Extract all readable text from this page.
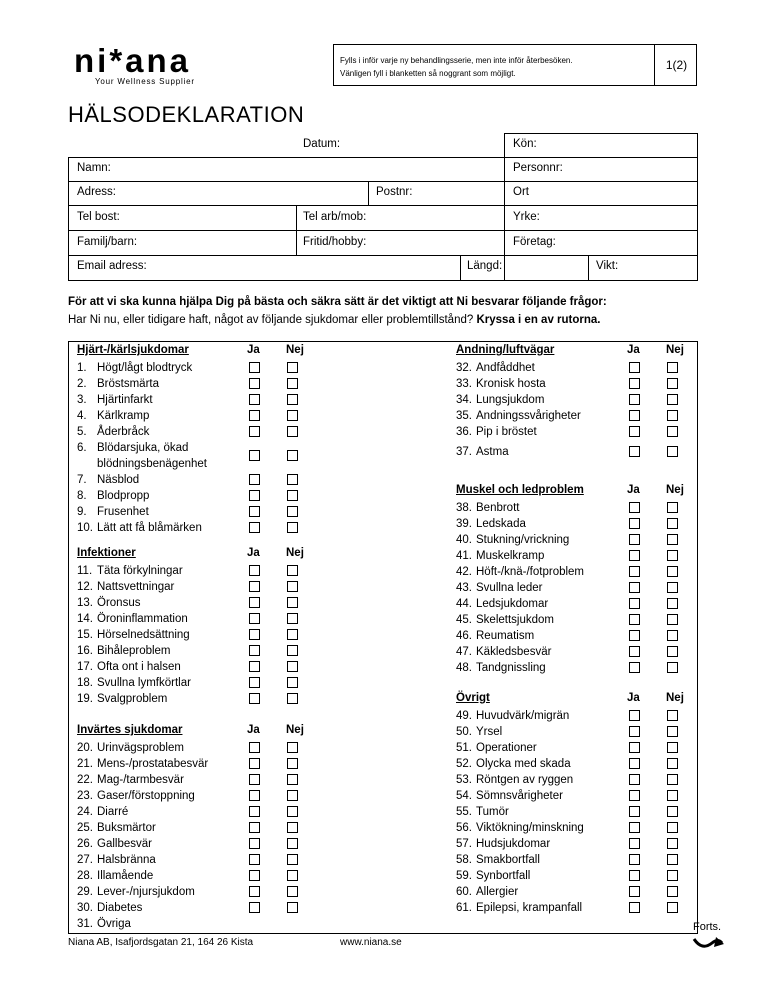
ni*ana
Your Wellness Supplier
Fylls i inför varje ny behandlingsserie, men inte inför återbesöken.
Vänligen fyll i blanketten så noggrant som möjligt.
1(2)
HÄLSODEKLARATION
Datum:	Kön:
Namn:	Personnr:
Adress:	Postnr:	Ort
Tel bost:	Tel arb/mob:	Yrke:
Familj/barn:	Fritid/hobby:	Företag:
Email adress:	Längd:	Vikt:
För att vi ska kunna hjälpa Dig på bästa och säkra sätt är det viktigt att Ni besvarar följande frågor:
Har Ni nu, eller tidigare haft, något av följande sjukdomar eller problemtillstånd? Kryssa i en av rutorna.
Hjärt-/kärlsjukdomar	Ja Nej
1. Högt/lågt blodtryck
2. Bröstsmärta
3. Hjärtinfarkt
4. Kärlkramp
5. Åderbråck
6. Blödarsjuka, ökad
blödningsbenägenhet
7. Näsblod
8. Blodpropp
9. Frusenhet
10. Lätt att få blåmärken
Infektioner	Ja Nej
11. Täta förkylningar
12. Nattsvettningar
13. Öronsus
14. Öroninflammation
15. Hörselnedsättning
16. Bihåleproblem
17. Ofta ont i halsen
18. Svullna lymfkörtlar
19. Svalgproblem
Invärtes sjukdomar	Ja Nej
20. Urinvägsproblem
21. Mens-/prostatabesvär
22. Mag-/tarmbesvär
23. Gaser/förstoppning
24. Diarré
25. Buksmärtor
26. Gallbesvär
27. Halsbränna
28. Illamående
29. Lever-/njursjukdom
30. Diabetes
31. Övriga
Andning/luftvägar	Ja Nej
32. Andfåddhet
33. Kronisk hosta
34. Lungsjukdom
35. Andningssvårigheter
36. Pip i bröstet
37. Astma
Muskel och ledproblem	Ja Nej
38. Benbrott
39. Ledskada
40. Stukning/vrickning
41. Muskelkramp
42. Höft-/knä-/fotproblem
43. Svullna leder
44. Ledsjukdomar
45. Skelettsjukdom
46. Reumatism
47. Käkledsbesvär
48. Tandgnissling
Övrigt	Ja Nej
49. Huvudvärk/migrän
50. Yrsel
51. Operationer
52. Olycka med skada
53. Röntgen av ryggen
54. Sömnsvårigheter
55. Tumör
56. Viktökning/minskning
57. Hudsjukdomar
58. Smakbortfall
59. Synbortfall
60. Allergier
61. Epilepsi, krampanfall
Niana AB, Isafjordsgatan 21, 164 26 Kista	www.niana.se
Forts.
